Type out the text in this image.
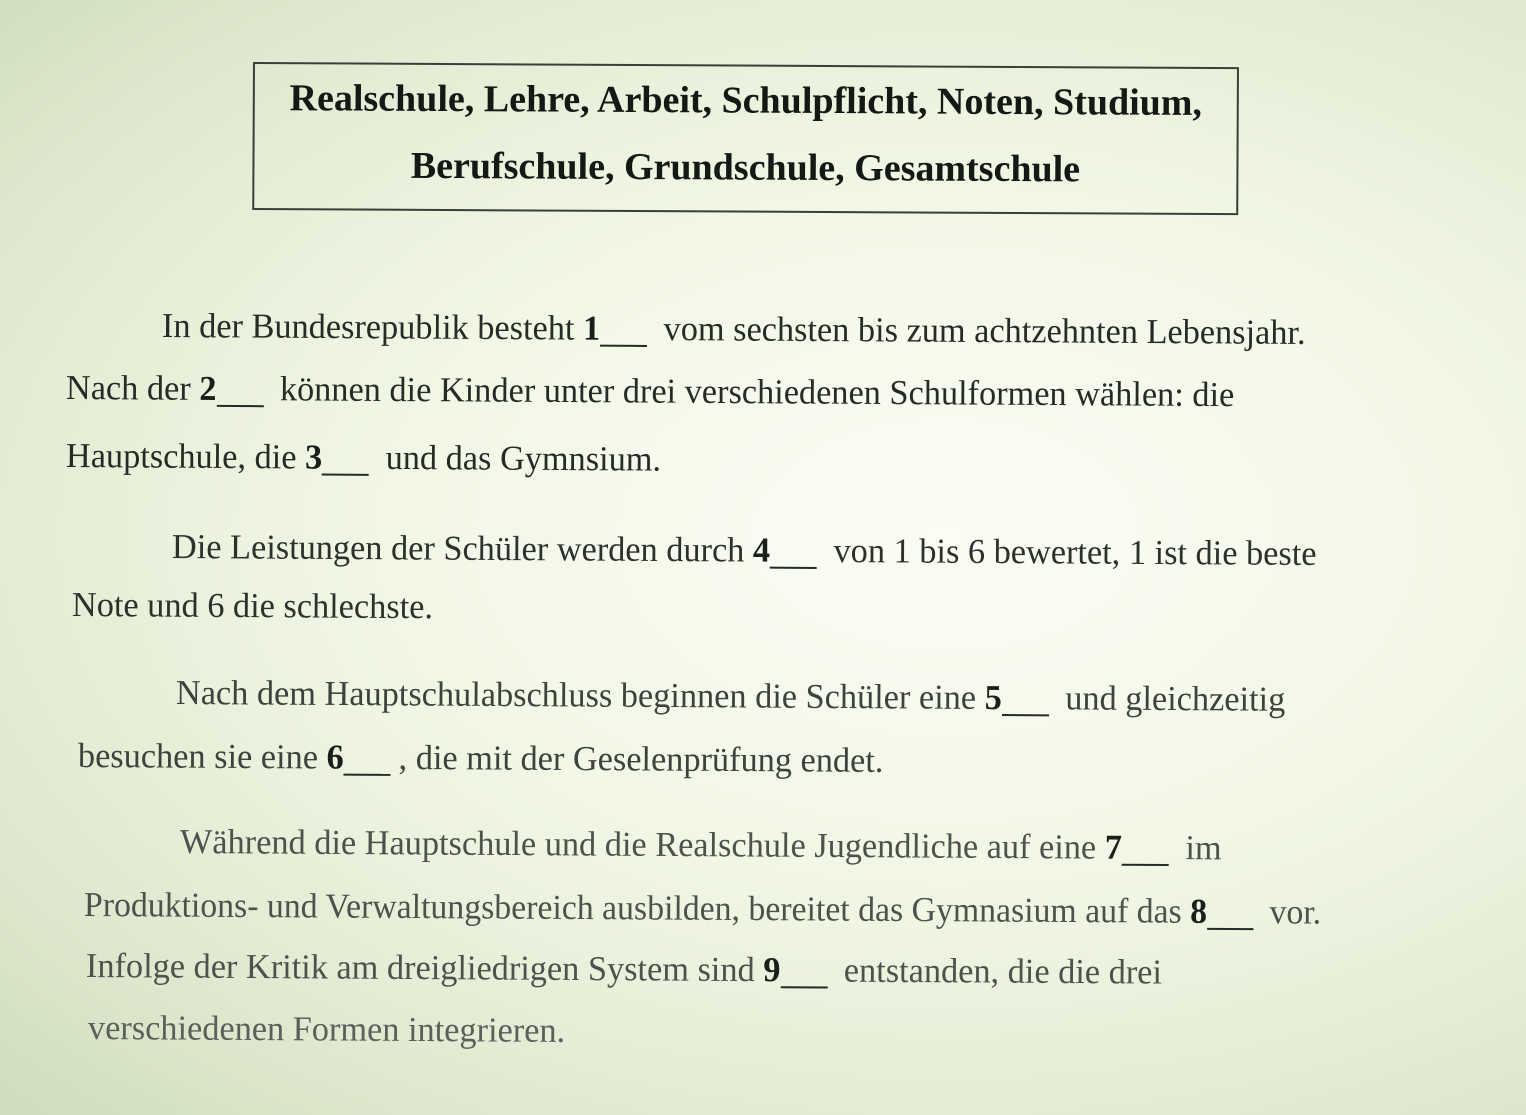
Realschule, Lehre, Arbeit, Schulpflicht, Noten, Studium,
Berufschule, Grundschule, Gesamtschule
In der Bundesrepublik besteht 1 vom sechsten bis zum achtzehnten Lebensjahr.
Nach der 2 können die Kinder unter drei verschiedenen Schulformen wählen: die
Hauptschule, die 3 und das Gymnsium.
Die Leistungen der Schüler werden durch 4 von 1 bis 6 bewertet, 1 ist die beste
Note und 6 die schlechste.
Nach dem Hauptschulabschluss beginnen die Schüler eine 5 und gleichzeitig
besuchen sie eine 6 , die mit der Geselenprüfung endet.
Während die Hauptschule und die Realschule Jugendliche auf eine 7 im
Produktions- und Verwaltungsbereich ausbilden, bereitet das Gymnasium auf das 8 vor.
Infolge der Kritik am dreigliedrigen System sind 9 entstanden, die die drei
verschiedenen Formen integrieren.
